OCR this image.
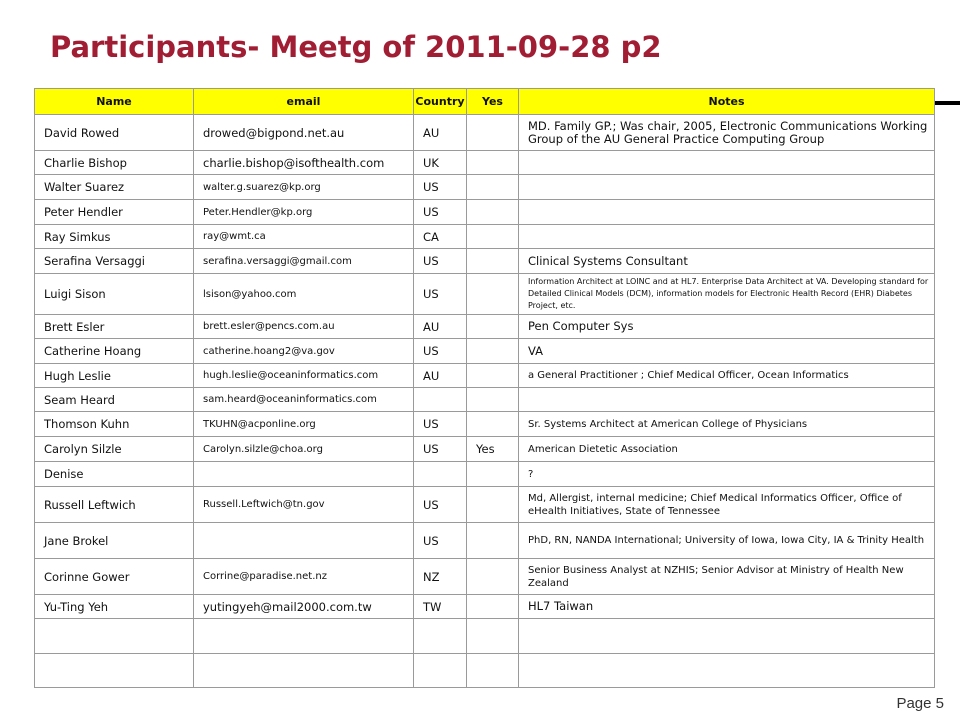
Participants- Meetg of 2011-09-28 p2
Name	email	Country	Yes	Notes
David Rowed	drowed@bigpond.net.au	AU		MD. Family GP.; Was chair, 2005, Electronic Communications Working Group of the AU General Practice Computing Group
Charlie Bishop	charlie.bishop@isofthealth.com	UK		
Walter Suarez	walter.g.suarez@kp.org	US		
Peter Hendler	Peter.Hendler@kp.org	US		
Ray Simkus	ray@wmt.ca	CA		
Serafina Versaggi	serafina.versaggi@gmail.com	US		Clinical Systems Consultant
Luigi Sison	lsison@yahoo.com	US		Information Architect at LOINC and at HL7. Enterprise Data Architect at VA. Developing standard for Detailed Clinical Models (DCM), information models for Electronic Health Record (EHR) Diabetes Project, etc.
Brett Esler	brett.esler@pencs.com.au	AU		Pen Computer Sys
Catherine Hoang	catherine.hoang2@va.gov	US		VA
Hugh Leslie	hugh.leslie@oceaninformatics.com	AU		a General Practitioner ; Chief Medical Officer, Ocean Informatics
Seam Heard	sam.heard@oceaninformatics.com			
Thomson Kuhn	TKUHN@acponline.org	US		Sr. Systems Architect at American College of Physicians
Carolyn Silzle	Carolyn.silzle@choa.org	US	Yes	American Dietetic Association
Denise				?
Russell Leftwich	Russell.Leftwich@tn.gov	US		Md, Allergist, internal medicine; Chief Medical Informatics Officer, Office of eHealth Initiatives, State of Tennessee
Jane Brokel		US		PhD, RN, NANDA International; University of Iowa, Iowa City, IA & Trinity Health
Corinne Gower	Corrine@paradise.net.nz	NZ		Senior Business Analyst at NZHIS; Senior Advisor at Ministry of Health New Zealand
Yu-Ting Yeh	yutingyeh@mail2000.com.tw	TW		HL7 Taiwan

Page 5
